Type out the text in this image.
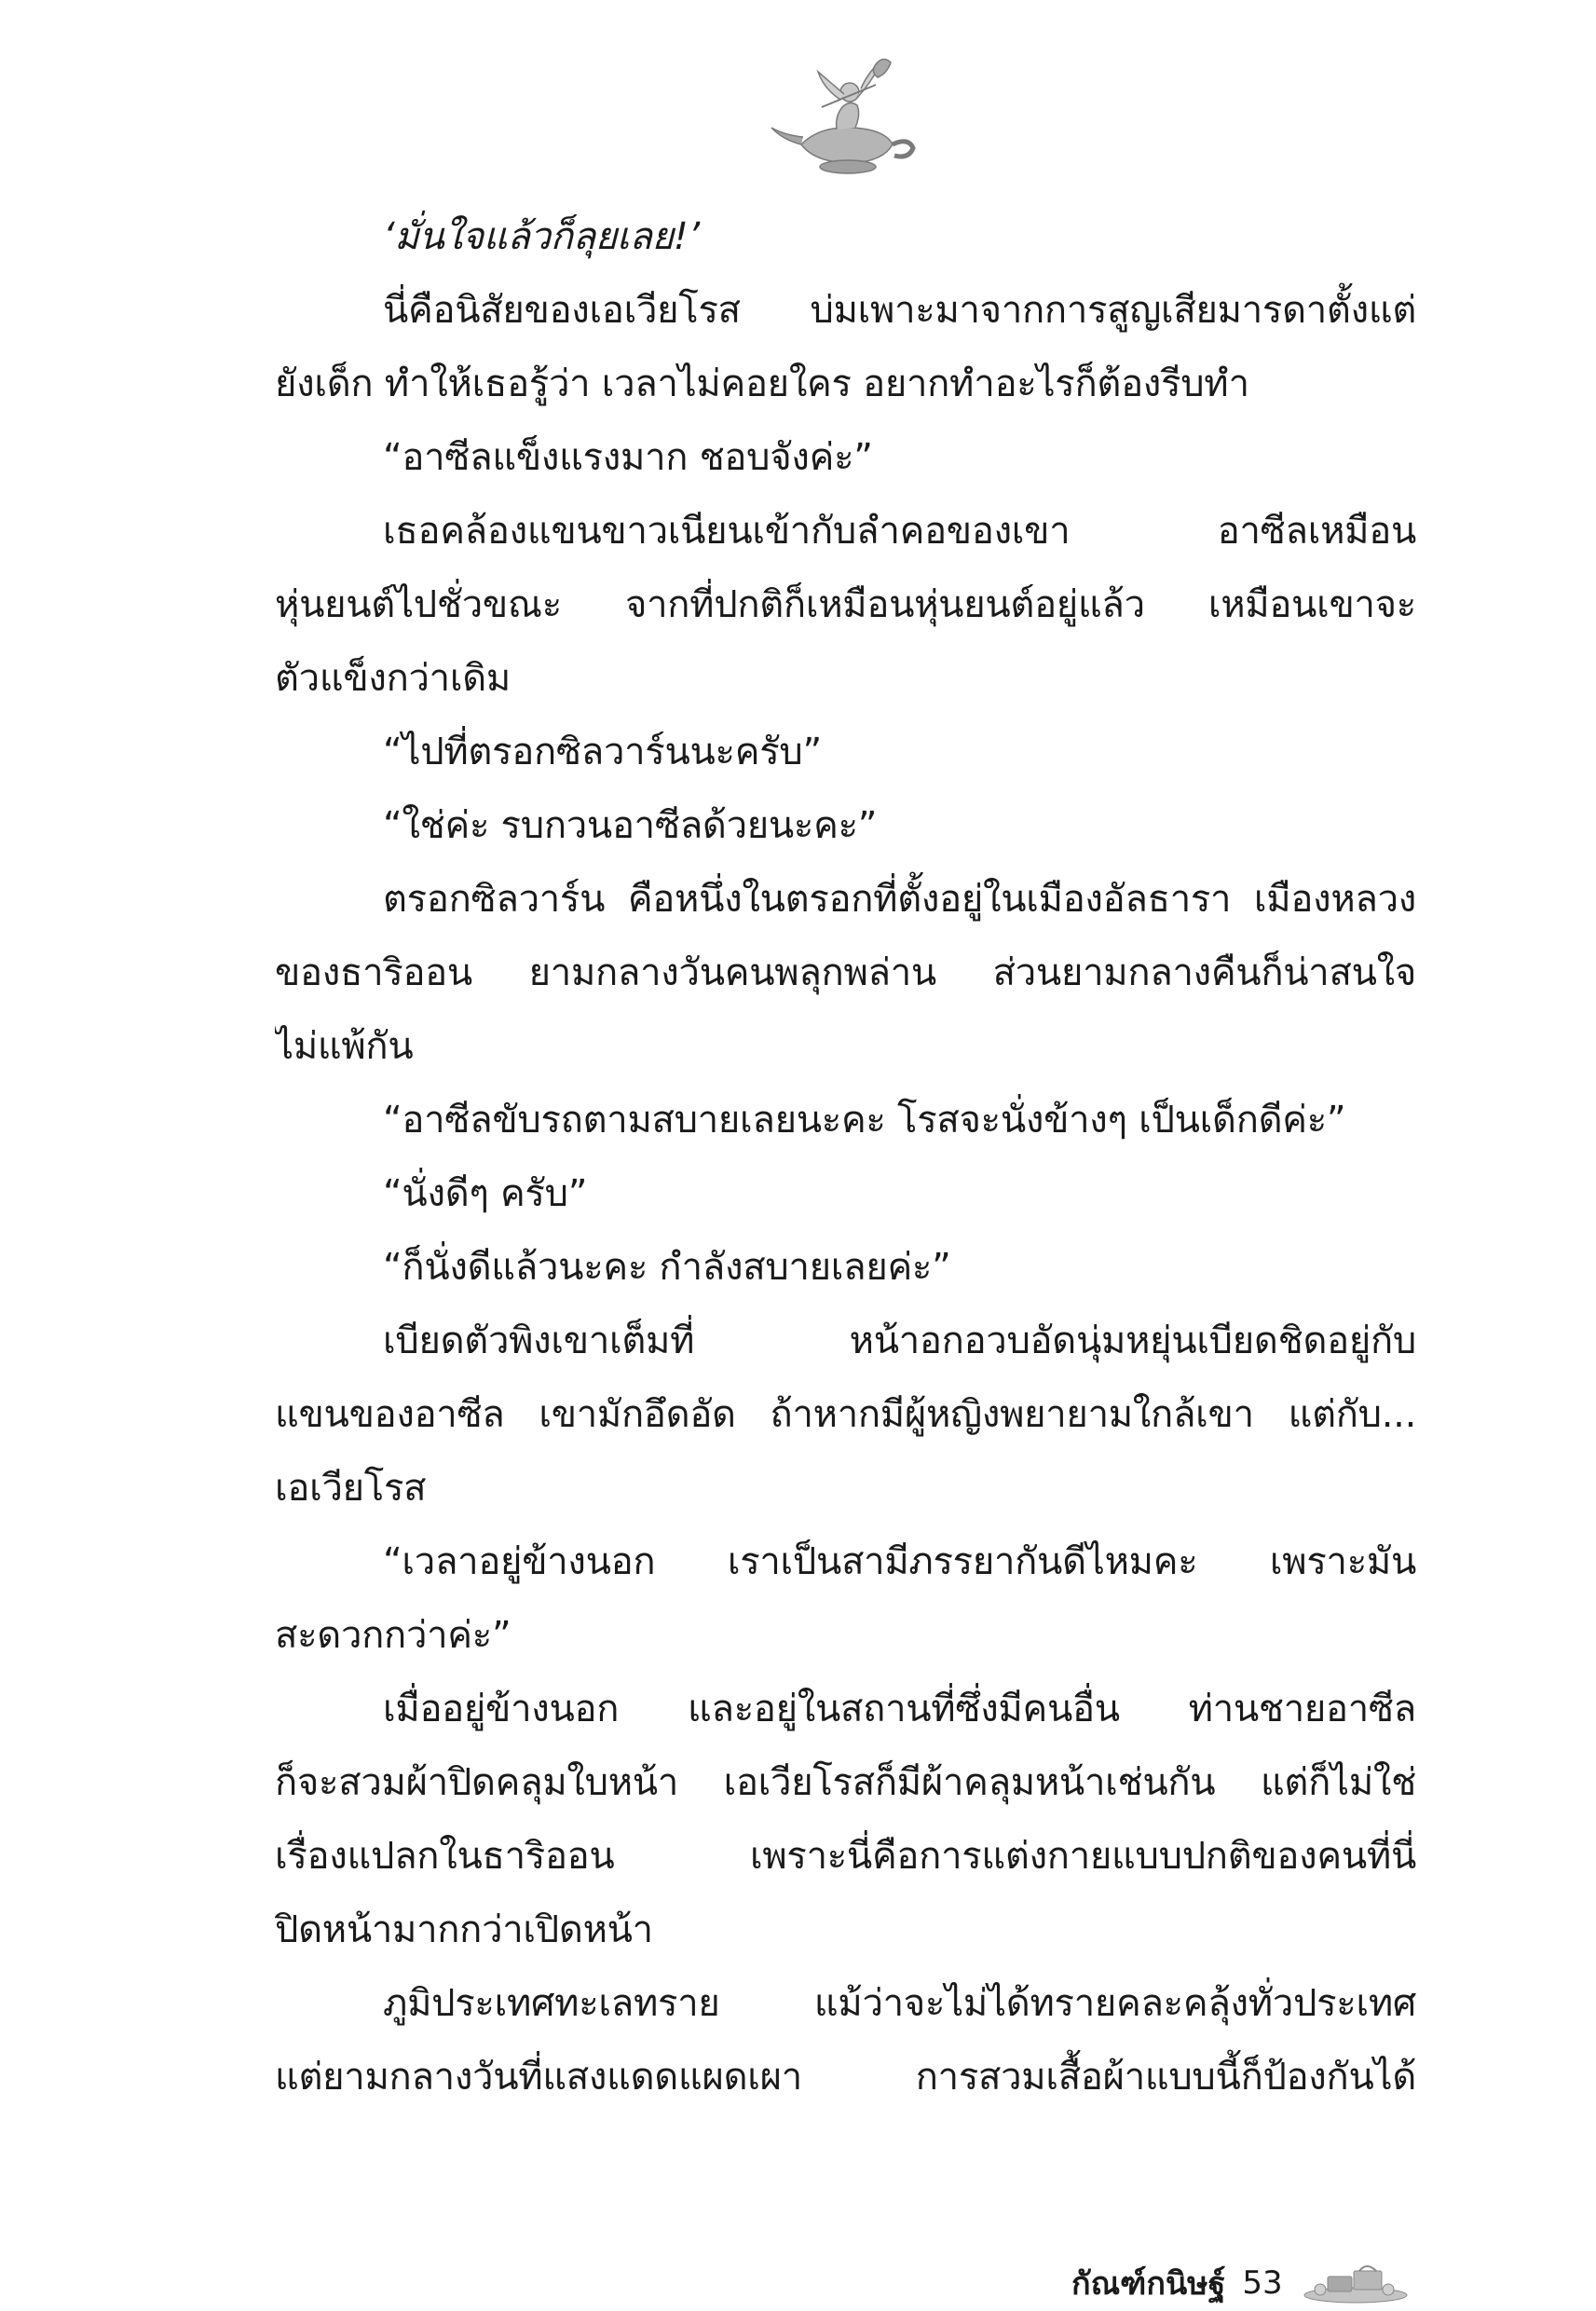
‘มั่นใจแล้วก็ลุยเลย!’
นี่คือนิสัยของเอเวียโรส บ่มเพาะมาจากการสูญเสียมารดาตั้งแต่
ยังเด็ก ทำให้เธอรู้ว่า เวลาไม่คอยใคร อยากทำอะไรก็ต้องรีบทำ
“อาซีลแข็งแรงมาก ชอบจังค่ะ”
เธอคล้องแขนขาวเนียนเข้ากับลำคอของเขา อาซีลเหมือน
หุ่นยนต์ไปชั่วขณะ จากที่ปกติก็เหมือนหุ่นยนต์อยู่แล้ว เหมือนเขาจะ
ตัวแข็งกว่าเดิม
“ไปที่ตรอกซิลวาร์นนะครับ”
“ใช่ค่ะ รบกวนอาซีลด้วยนะคะ”
ตรอกซิลวาร์น คือหนึ่งในตรอกที่ตั้งอยู่ในเมืองอัลธารา เมืองหลวง
ของธาริออน ยามกลางวันคนพลุกพล่าน ส่วนยามกลางคืนก็น่าสนใจ
ไม่แพ้กัน
“อาซีลขับรถตามสบายเลยนะคะ โรสจะนั่งข้างๆ เป็นเด็กดีค่ะ”
“นั่งดีๆ ครับ”
“ก็นั่งดีแล้วนะคะ กำลังสบายเลยค่ะ”
เบียดตัวพิงเขาเต็มที่ หน้าอกอวบอัดนุ่มหยุ่นเบียดชิดอยู่กับ
แขนของอาซีล เขามักอึดอัด ถ้าหากมีผู้หญิงพยายามใกล้เขา แต่กับ...
เอเวียโรส
“เวลาอยู่ข้างนอก เราเป็นสามีภรรยากันดีไหมคะ เพราะมัน
สะดวกกว่าค่ะ”
เมื่ออยู่ข้างนอก และอยู่ในสถานที่ซึ่งมีคนอื่น ท่านชายอาซีล
ก็จะสวมผ้าปิดคลุมใบหน้า เอเวียโรสก็มีผ้าคลุมหน้าเช่นกัน แต่ก็ไม่ใช่
เรื่องแปลกในธาริออน เพราะนี่คือการแต่งกายแบบปกติของคนที่นี่
ปิดหน้ามากกว่าเปิดหน้า
ภูมิประเทศทะเลทราย แม้ว่าจะไม่ได้ทรายคละคลุ้งทั่วประเทศ
แต่ยามกลางวันที่แสงแดดแผดเผา การสวมเสื้อผ้าแบบนี้ก็ป้องกันได้
กัณฑ์กนิษฐ์ 53
